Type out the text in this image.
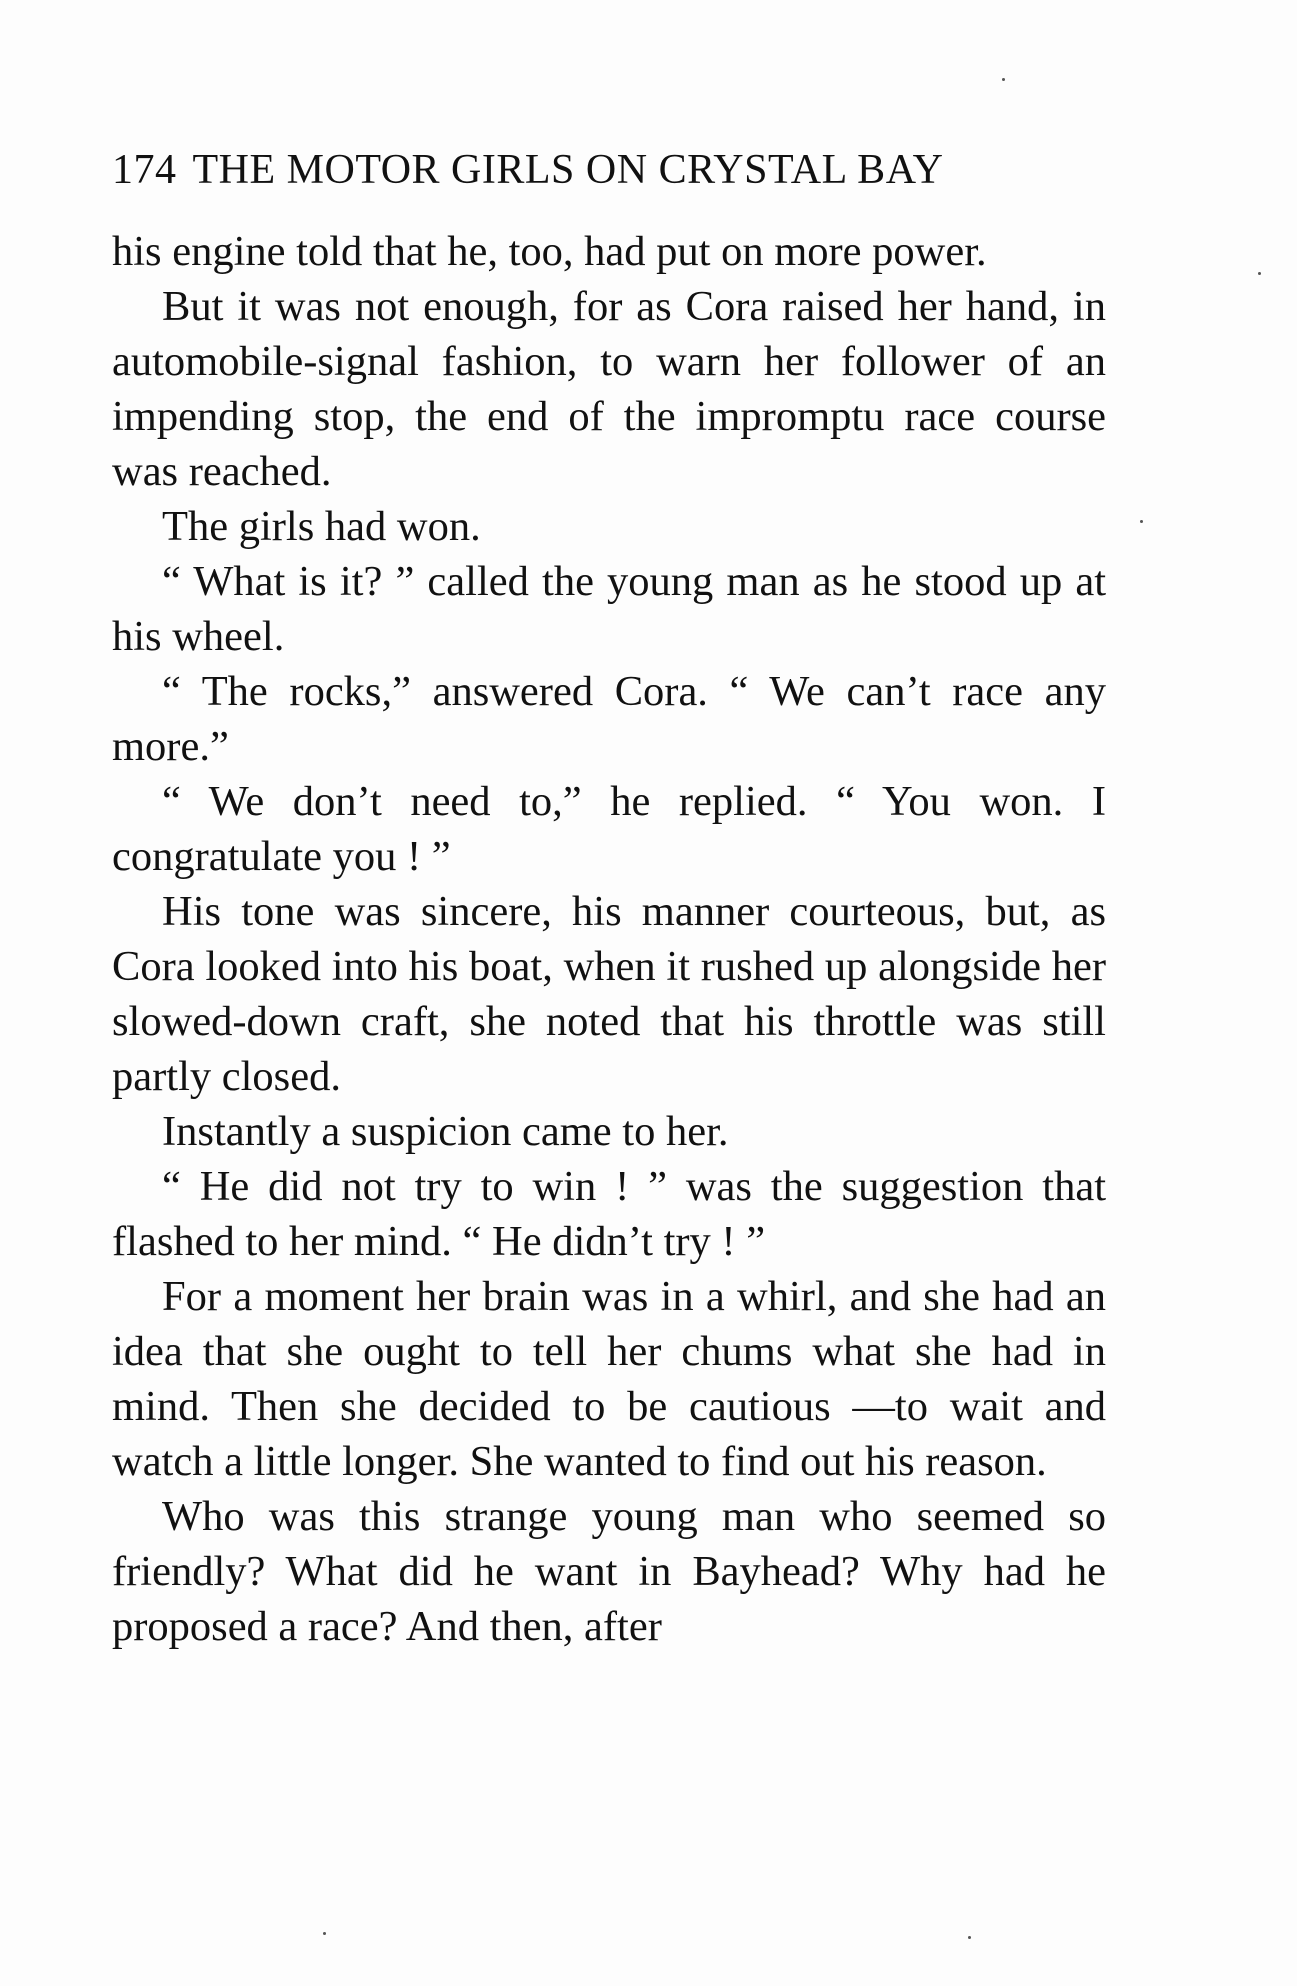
174 THE MOTOR GIRLS ON CRYSTAL BAY

his engine told that he, too, had put on more power.

But it was not enough, for as Cora raised her hand, in automobile-signal fashion, to warn her follower of an impending stop, the end of the impromptu race course was reached.

The girls had won.

“ What is it? ” called the young man as he stood up at his wheel.

“ The rocks,” answered Cora. “ We can’t race any more.”

“ We don’t need to,” he replied. “ You won. I congratulate you ! ”

His tone was sincere, his manner courteous, but, as Cora looked into his boat, when it rushed up alongside her slowed-down craft, she noted that his throttle was still partly closed.

Instantly a suspicion came to her.

“ He did not try to win ! ” was the suggestion that flashed to her mind. “ He didn’t try ! ”

For a moment her brain was in a whirl, and she had an idea that she ought to tell her chums what she had in mind. Then she decided to be cautious —to wait and watch a little longer. She wanted to find out his reason.

Who was this strange young man who seemed so friendly? What did he want in Bayhead? Why had he proposed a race? And then, after
